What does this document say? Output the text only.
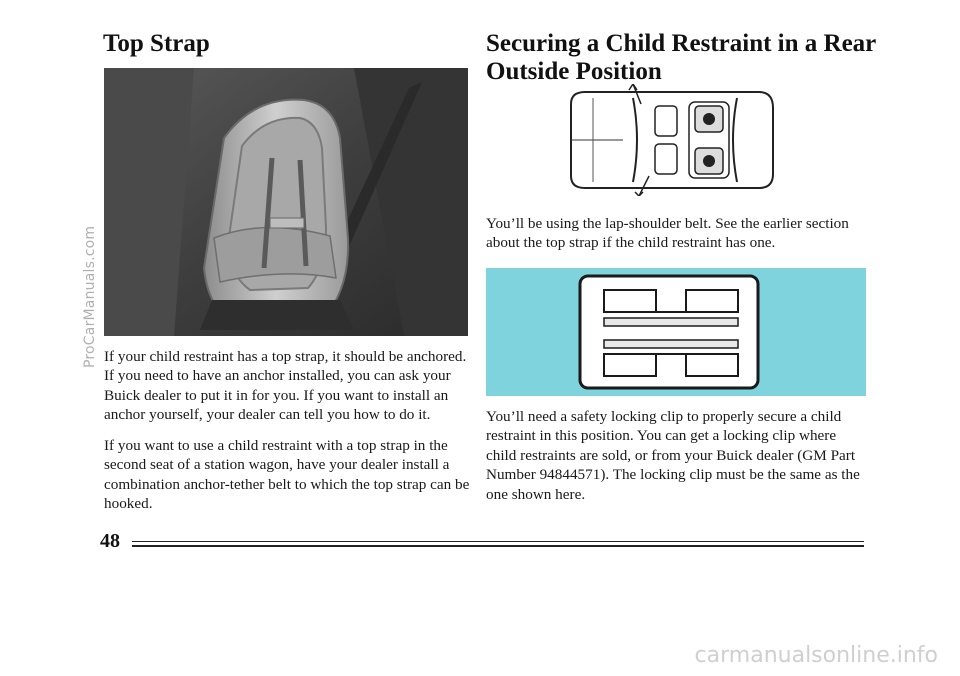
Top Strap

If your child restraint has a top strap, it should be anchored. If you need to have an anchor installed, you can ask your Buick dealer to put it in for you. If you want to install an anchor yourself, your dealer can tell you how to do it.

If you want to use a child restraint with a top strap in the second seat of a station wagon, have your dealer install a combination anchor-tether belt to which the top strap can be hooked.

Securing a Child Restraint in a Rear Outside Position

You’ll be using the lap-shoulder belt. See the earlier section about the top strap if the child restraint has one.

You’ll need a safety locking clip to properly secure a child restraint in this position. You can get a locking clip where child restraints are sold, or from your Buick dealer (GM Part Number 94844571). The locking clip must be the same as the one shown here.

48
ProCarManuals.com
carmanualsonline.info
